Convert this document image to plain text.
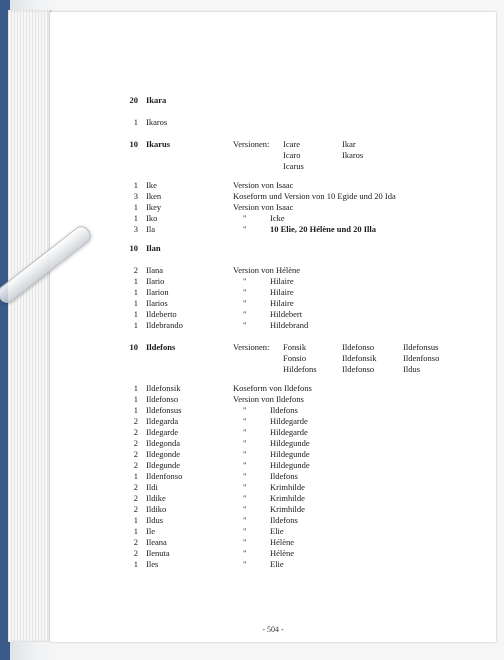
20 Ikara
1 Ikaros
10 Ikarus	Versionen: Icare	Ikar
Icaro	Ikaros
Icarus
1 Ike	Version von Isaac
3 Iken	Koseform und Version von 10 Egide und 20 Ida
1 Ikey	Version von Isaac
1 Iko	"	Icke
3 Ila	"	10 Elie, 20 Hélène und 20 Illa
10 Ilan
2 Ilana	Version von Hélène
1 Ilario	"	Hilaire
1 Ilarion	"	Hilaire
1 Ilarios	"	Hilaire
1 Ildeberto	"	Hildebert
1 Ildebrando	"	Hildebrand
10 Ildefons	Versionen: Fonsik	Ildefonso	Ildefonsus
Fonsio	Ildefonsik	Ildenfonso
Hildefons	Ildefonso	Ildus
1 Ildefonsik	Koseform von Ildefons
1 Ildefonso	Version von Ildefons
1 Ildefonsus	"	Ildefons
2 Ildegarda	"	Hildegarde
2 Ildegarde	"	Hildegarde
2 Ildegonda	"	Hildegunde
2 Ildegonde	"	Hildegunde
2 Ildegunde	"	Hildegunde
1 Ildenfonso	"	Ildefons
2 Ildi	"	Krimhilde
2 Ildike	"	Krimhilde
2 Ildiko	"	Krimhilde
1 Ildus	"	Ildefons
1 Ile	"	Elie
2 Ileana	"	Hélène
2 Ilenuta	"	Hélène
1 Iles	"	Elie
- 504 -
